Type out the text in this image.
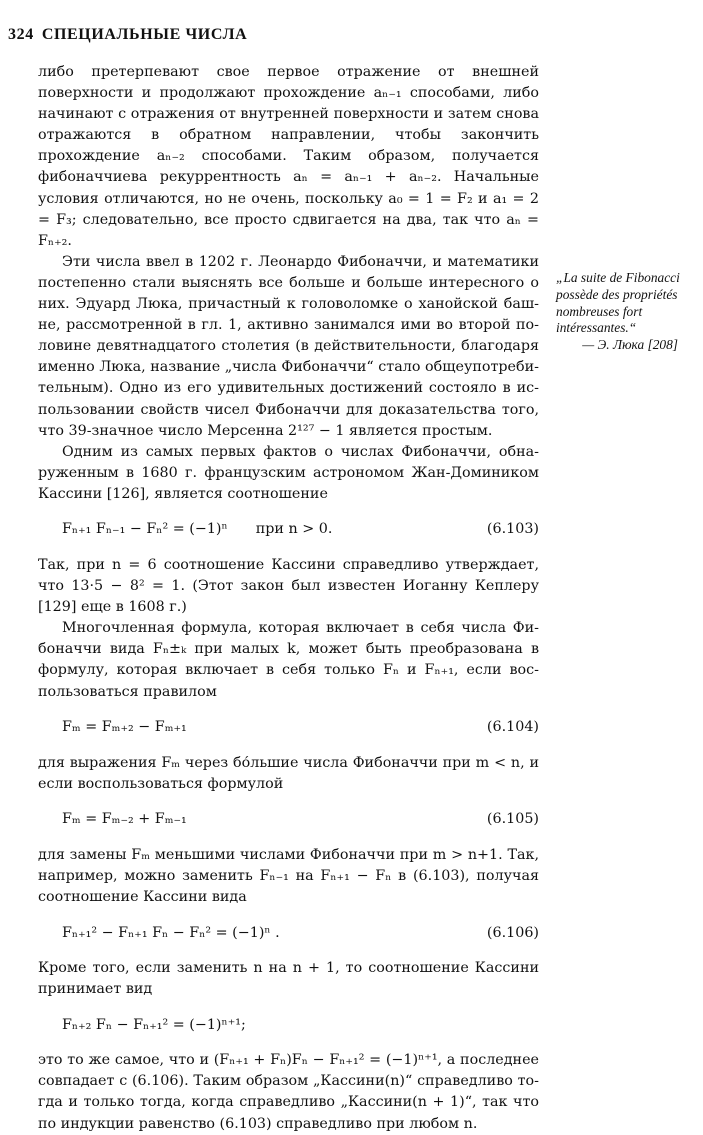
324 СПЕЦИАЛЬНЫЕ ЧИСЛА

либо претерпевают свое первое отражение от внешней поверхности и продолжают прохождение aₙ₋₁ способами, либо начинают с отражения от внутренней поверхности и затем снова отражаются в обратном направлении, чтобы закончить прохождение aₙ₋₂ способами. Таким образом, получается фибоначчиева рекуррентность aₙ = aₙ₋₁ + aₙ₋₂. Начальные условия отличаются, но не очень, поскольку a₀ = 1 = F₂ и a₁ = 2 = F₃; следовательно, все просто сдвигается на два, так что aₙ = Fₙ₊₂.

Эти числа ввел в 1202 г. Леонардо Фибоначчи, и математики постепенно стали выяснять все больше и больше интересного о них. Эдуард Люка, причастный к головоломке о ханойской башне, рассмотренной в гл. 1, активно занимался ими во второй половине девятнадцатого столетия (в действительности, благодаря именно Люка, название „числа Фибоначчи“ стало общеупотребительным). Одно из его удивительных достижений состояло в использовании свойств чисел Фибоначчи для доказательства того, что 39-значное число Мерсенна 2¹²⁷ − 1 является простым.

Одним из самых первых фактов о числах Фибоначчи, обнаруженным в 1680 г. французским астрономом Жан-Домиником Кассини [126], является соотношение

Fₙ₊₁ Fₙ₋₁ − Fₙ² = (−1)ⁿ при n > 0.	(6.103)

Так, при n = 6 соотношение Кассини справедливо утверждает, что 13·5 − 8² = 1. (Этот закон был известен Иоганну Кеплеру [129] еще в 1608 г.)

Многочленная формула, которая включает в себя числа Фибоначчи вида Fₙ±ₖ при малых k, может быть преобразована в формулу, которая включает в себя только Fₙ и Fₙ₊₁, если воспользоваться правилом

Fₘ = Fₘ₊₂ − Fₘ₊₁	(6.104)

для выражения Fₘ через бо́льшие числа Фибоначчи при m < n, и если воспользоваться формулой

Fₘ = Fₘ₋₂ + Fₘ₋₁	(6.105)

для замены Fₘ меньшими числами Фибоначчи при m > n+1. Так, например, можно заменить Fₙ₋₁ на Fₙ₊₁ − Fₙ в (6.103), получая соотношение Кассини вида

Fₙ₊₁² − Fₙ₊₁ Fₙ − Fₙ² = (−1)ⁿ .	(6.106)

Кроме того, если заменить n на n + 1, то соотношение Кассини принимает вид

Fₙ₊₂ Fₙ − Fₙ₊₁² = (−1)ⁿ⁺¹;

это то же самое, что и (Fₙ₊₁ + Fₙ)Fₙ − Fₙ₊₁² = (−1)ⁿ⁺¹, а последнее совпадает с (6.106). Таким образом „Кассини(n)“ справедливо тогда и только тогда, когда справедливо „Кассини(n + 1)“, так что по индукции равенство (6.103) справедливо при любом n.

„La suite de Fibonacci possède des propriétés nombreuses fort intéressantes.“

— Э. Люка [208]
